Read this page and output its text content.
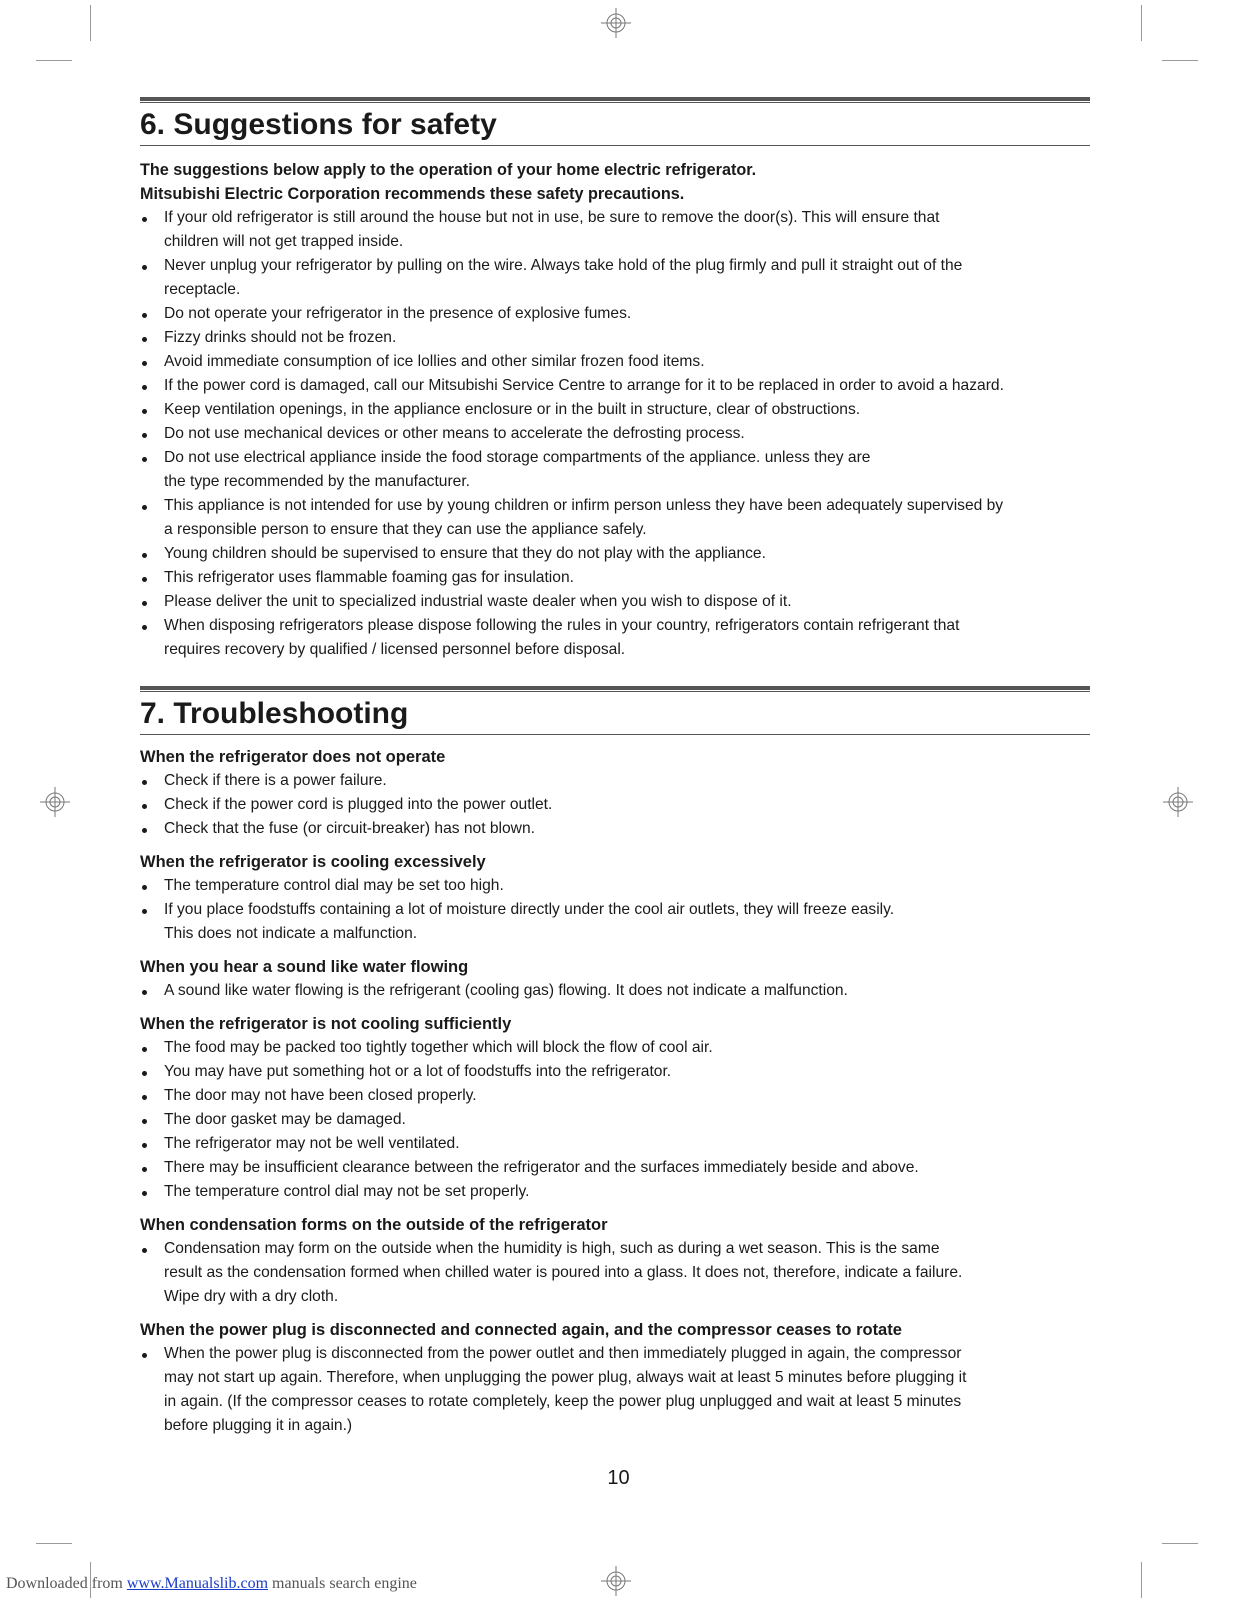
6. Suggestions for safety

The suggestions below apply to the operation of your home electric refrigerator.

Mitsubishi Electric Corporation recommends these safety precautions.

If your old refrigerator is still around the house but not in use, be sure to remove the door(s). This will ensure that
children will not get trapped inside.
Never unplug your refrigerator by pulling on the wire. Always take hold of the plug firmly and pull it straight out of the
receptacle.
Do not operate your refrigerator in the presence of explosive fumes.
Fizzy drinks should not be frozen.
Avoid immediate consumption of ice lollies and other similar frozen food items.
If the power cord is damaged, call our Mitsubishi Service Centre to arrange for it to be replaced in order to avoid a hazard.
Keep ventilation openings, in the appliance enclosure or in the built in structure, clear of obstructions.
Do not use mechanical devices or other means to accelerate the defrosting process.
Do not use electrical appliance inside the food storage compartments of the appliance. unless they are
the type recommended by the manufacturer.
This appliance is not intended for use by young children or infirm person unless they have been adequately supervised by
a responsible person to ensure that they can use the appliance safely.
Young children should be supervised to ensure that they do not play with the appliance.
This refrigerator uses flammable foaming gas for insulation.
Please deliver the unit to specialized industrial waste dealer when you wish to dispose of it.
When disposing refrigerators please dispose following the rules in your country, refrigerators contain refrigerant that
requires recovery by qualified / licensed personnel before disposal.
7. Troubleshooting
When the refrigerator does not operate
Check if there is a power failure.
Check if the power cord is plugged into the power outlet.
Check that the fuse (or circuit-breaker) has not blown.
When the refrigerator is cooling excessively
The temperature control dial may be set too high.
If you place foodstuffs containing a lot of moisture directly under the cool air outlets, they will freeze easily.
This does not indicate a malfunction.
When you hear a sound like water flowing
A sound like water flowing is the refrigerant (cooling gas) flowing. It does not indicate a malfunction.
When the refrigerator is not cooling sufficiently
The food may be packed too tightly together which will block the flow of cool air.
You may have put something hot or a lot of foodstuffs into the refrigerator.
The door may not have been closed properly.
The door gasket may be damaged.
The refrigerator may not be well ventilated.
There may be insufficient clearance between the refrigerator and the surfaces immediately beside and above.
The temperature control dial may not be set properly.
When condensation forms on the outside of the refrigerator
Condensation may form on the outside when the humidity is high, such as during a wet season. This is the same
result as the condensation formed when chilled water is poured into a glass. It does not, therefore, indicate a failure.
Wipe dry with a dry cloth.
When the power plug is disconnected and connected again, and the compressor ceases to rotate
When the power plug is disconnected from the power outlet and then immediately plugged in again, the compressor
may not start up again. Therefore, when unplugging the power plug, always wait at least 5 minutes before plugging it
in again. (If the compressor ceases to rotate completely, keep the power plug unplugged and wait at least 5 minutes
before plugging it in again.)
10
Downloaded from www.Manualslib.com manuals search engine
